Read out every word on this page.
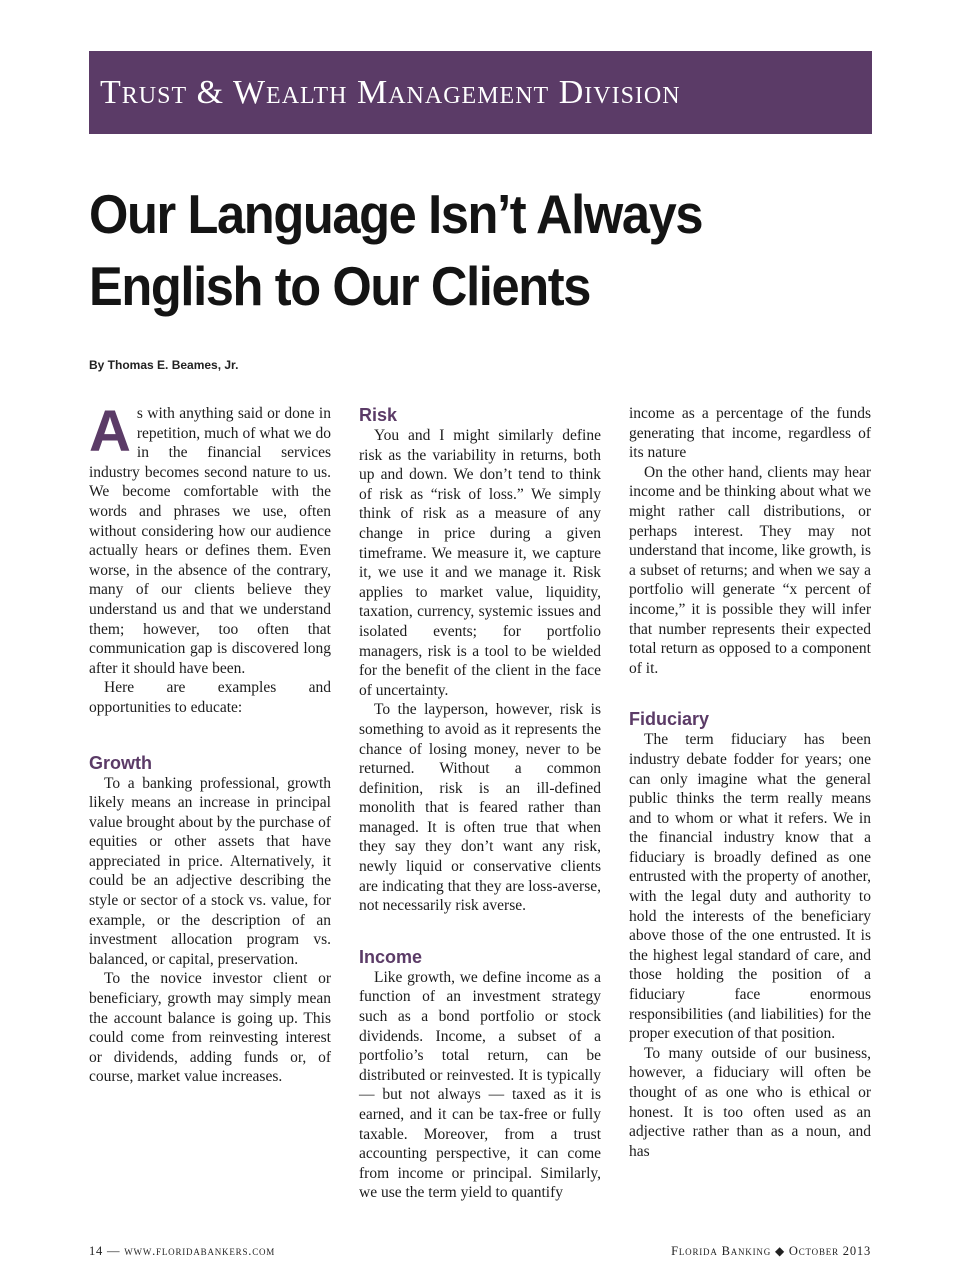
Trust & Wealth Management Division
Our Language Isn’t Always
English to Our Clients
By Thomas E. Beames, Jr.

As with anything said or done in repetition, much of what we do in the financial services industry becomes second nature to us. We become comfortable with the words and phrases we use, often without considering how our audience actually hears or defines them. Even worse, in the absence of the contrary, many of our clients believe they understand us and that we understand them; however, too often that communication gap is discovered long after it should have been.

Here are examples and opportunities to educate:

Growth

To a banking professional, growth likely means an increase in principal value brought about by the purchase of equities or other assets that have appreciated in price. Alternatively, it could be an adjective describing the style or sector of a stock vs. value, for example, or the description of an investment allocation program vs. balanced, or capital, preservation.

To the novice investor client or beneficiary, growth may simply mean the account balance is going up. This could come from reinvesting interest or dividends, adding funds or, of course, market value increases.

Risk

You and I might similarly define risk as the variability in returns, both up and down. We don’t tend to think of risk as “risk of loss.” We simply think of risk as a measure of any change in price during a given timeframe. We measure it, we capture it, we use it and we manage it. Risk applies to market value, liquidity, taxation, currency, systemic issues and isolated events; for portfolio managers, risk is a tool to be wielded for the benefit of the client in the face of uncertainty.

To the layperson, however, risk is something to avoid as it represents the chance of losing money, never to be returned. Without a common definition, risk is an ill-defined monolith that is feared rather than managed. It is often true that when they say they don’t want any risk, newly liquid or conservative clients are indicating that they are loss-averse, not necessarily risk averse.

Income

Like growth, we define income as a function of an investment strategy such as a bond portfolio or stock dividends. Income, a subset of a portfolio’s total return, can be distributed or reinvested. It is typically — but not always — taxed as it is earned, and it can be tax-free or fully taxable. Moreover, from a trust accounting perspective, it can come from income or principal. Similarly, we use the term yield to quantify

income as a percentage of the funds generating that income, regardless of its nature

On the other hand, clients may hear income and be thinking about what we might rather call distributions, or perhaps interest. They may not understand that income, like growth, is a subset of returns; and when we say a portfolio will generate “x percent of income,” it is possible they will infer that number represents their expected total return as opposed to a component of it.

Fiduciary

The term fiduciary has been industry debate fodder for years; one can only imagine what the general public thinks the term really means and to whom or what it refers. We in the financial industry know that a fiduciary is broadly defined as one entrusted with the property of another, with the legal duty and authority to hold the interests of the beneficiary above those of the one entrusted. It is the highest legal standard of care, and those holding the position of a fiduciary face enormous responsibilities (and liabilities) for the proper execution of that position.

To many outside of our business, however, a fiduciary will often be thought of as one who is ethical or honest. It is too often used as an adjective rather than as a noun, and has

14 — www.floridabankers.com	Florida Banking ◆ October 2013
